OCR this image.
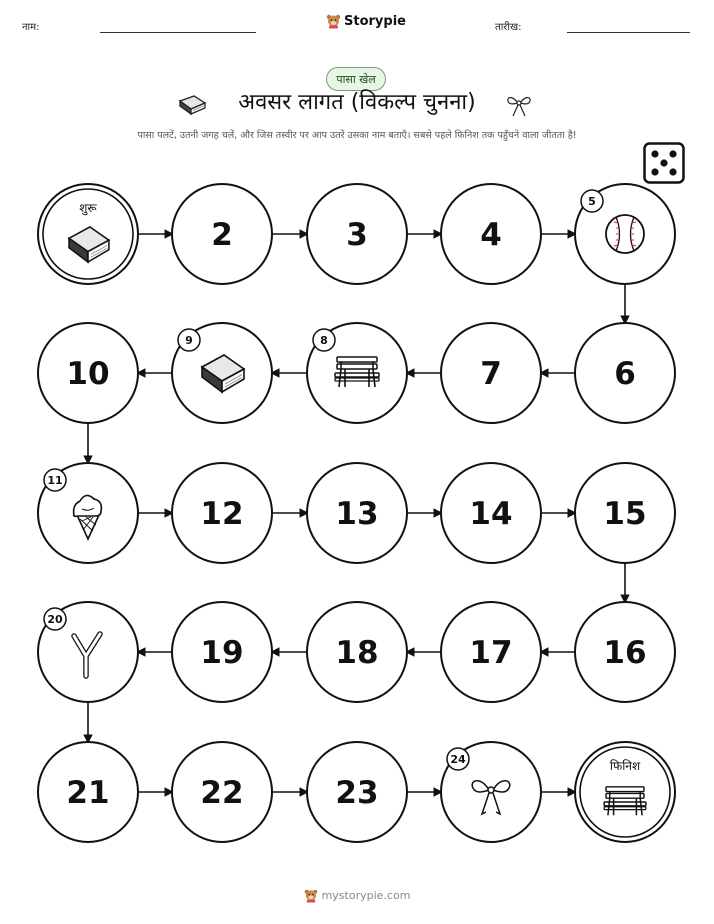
नाम:	Storypie	तारीख:
पासा खेल
अवसर लागत (विकल्प चुनना)
पासा पलटें, उतनी जगह चलें, और जिस तस्वीर पर आप उतरें उसका नाम बताएँ। सबसे पहले फिनिश तक पहुँचने वाला जीतता है!
शुरू
2	3	4
5
6
7
8
9
10
11
12	13	14	15
16
17
18
19
20
21	22	23
24	फिनिश
mystorypie.com
